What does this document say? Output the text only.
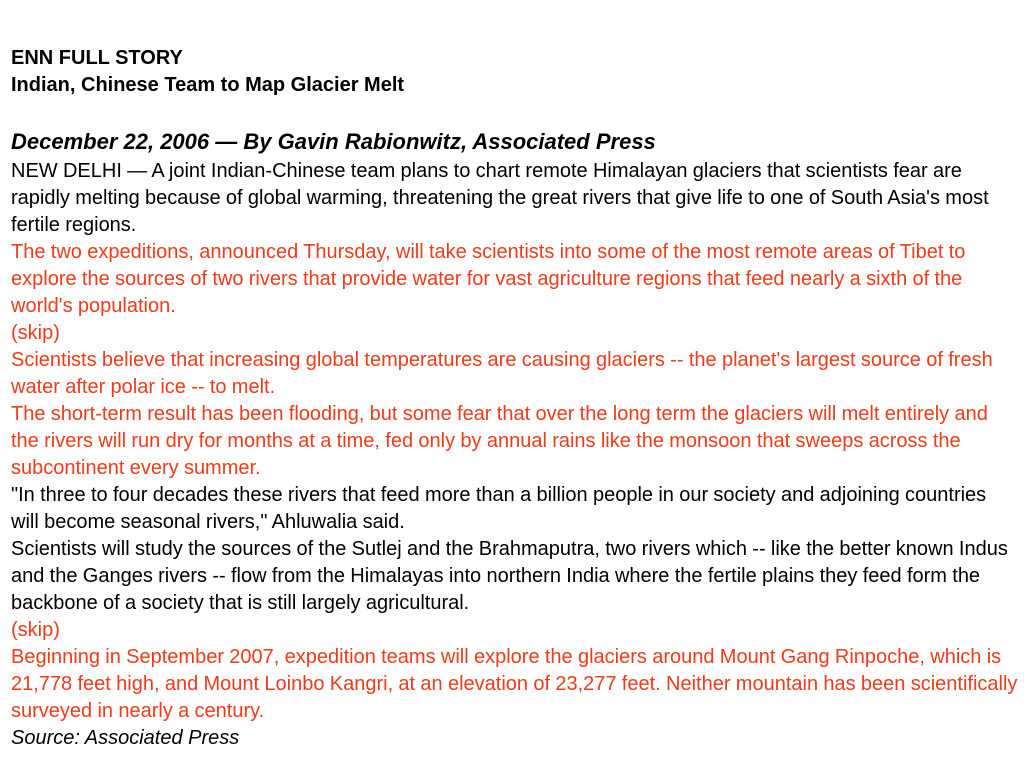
ENN FULL STORY
Indian, Chinese Team to Map Glacier Melt
December 22, 2006 — By Gavin Rabionwitz, Associated Press

NEW DELHI — A joint Indian-Chinese team plans to chart remote Himalayan glaciers that scientists fear are rapidly melting because of global warming, threatening the great rivers that give life to one of South Asia's most fertile regions.

The two expeditions, announced Thursday, will take scientists into some of the most remote areas of Tibet to explore the sources of two rivers that provide water for vast agriculture regions that feed nearly a sixth of the world's population.

(skip)

Scientists believe that increasing global temperatures are causing glaciers -- the planet's largest source of fresh water after polar ice -- to melt.

The short-term result has been flooding, but some fear that over the long term the glaciers will melt entirely and the rivers will run dry for months at a time, fed only by annual rains like the monsoon that sweeps across the subcontinent every summer.

"In three to four decades these rivers that feed more than a billion people in our society and adjoining countries will become seasonal rivers," Ahluwalia said.

Scientists will study the sources of the Sutlej and the Brahmaputra, two rivers which -- like the better known Indus and the Ganges rivers -- flow from the Himalayas into northern India where the fertile plains they feed form the backbone of a society that is still largely agricultural.

(skip)

Beginning in September 2007, expedition teams will explore the glaciers around Mount Gang Rinpoche, which is 21,778 feet high, and Mount Loinbo Kangri, at an elevation of 23,277 feet. Neither mountain has been scientifically surveyed in nearly a century.

Source: Associated Press
